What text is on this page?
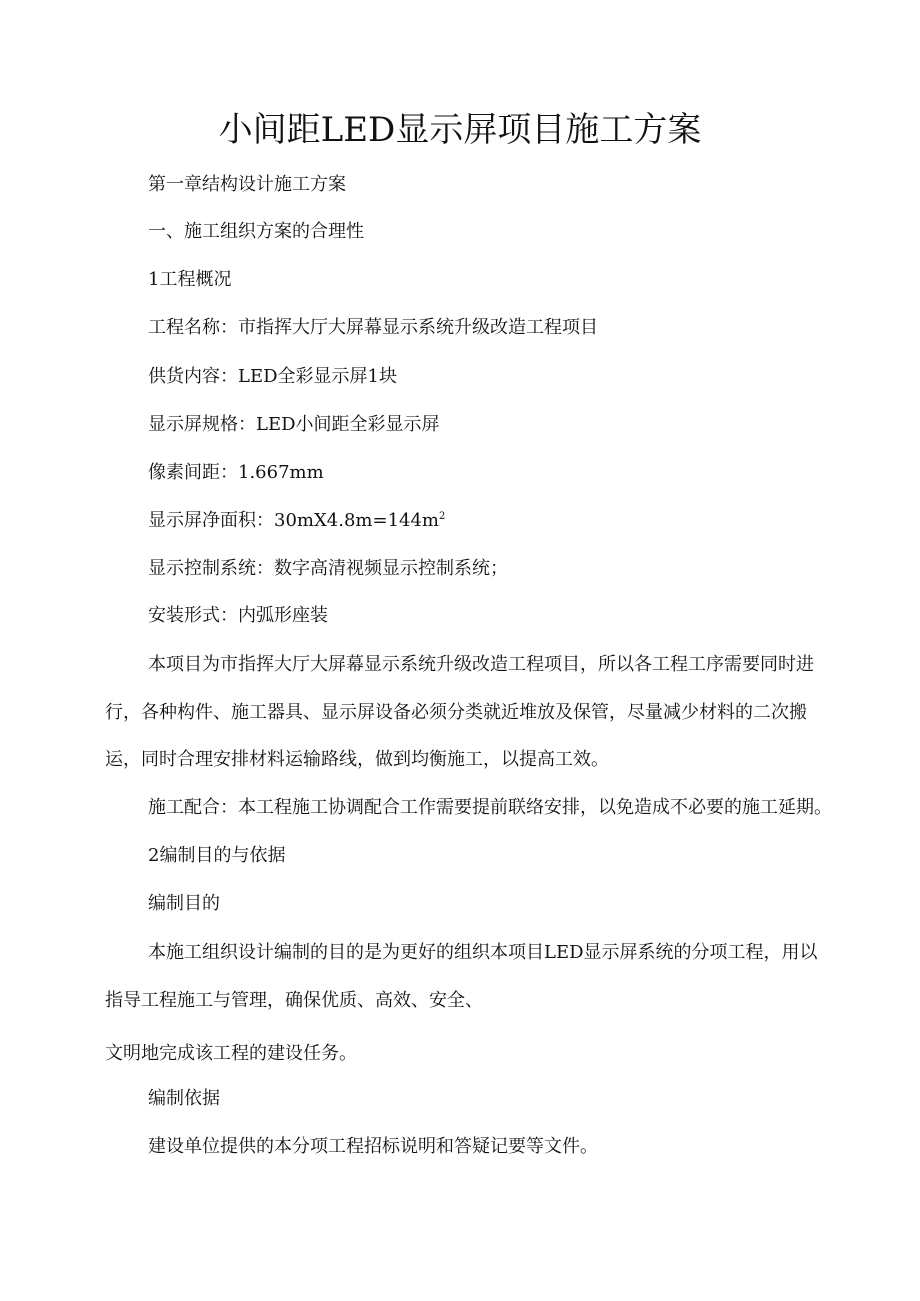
小间距LED显示屏项目施工方案
第一章结构设计施工方案
一、施工组织方案的合理性
1工程概况
工程名称：市指挥大厅大屏幕显示系统升级改造工程项目
供货内容：LED全彩显示屏1块
显示屏规格：LED小间距全彩显示屏
像素间距：1.667mm
显示屏净面积：$30mX4.8m=144m^2$
显示控制系统：数字高清视频显示控制系统；
安装形式：内弧形座装
本项目为市指挥大厅大屏幕显示系统升级改造工程项目，所以各工程工序需要同时进
行，各种构件、施工器具、显示屏设备必须分类就近堆放及保管，尽量减少材料的二次搬
运，同时合理安排材料运输路线，做到均衡施工，以提高工效。
施工配合：本工程施工协调配合工作需要提前联络安排，以免造成不必要的施工延期。
2编制目的与依据
编制目的
本施工组织设计编制的目的是为更好的组织本项目LED显示屏系统的分项工程，用以
指导工程施工与管理，确保优质、高效、安全、
文明地完成该工程的建设任务。
编制依据
建设单位提供的本分项工程招标说明和答疑记要等文件。
